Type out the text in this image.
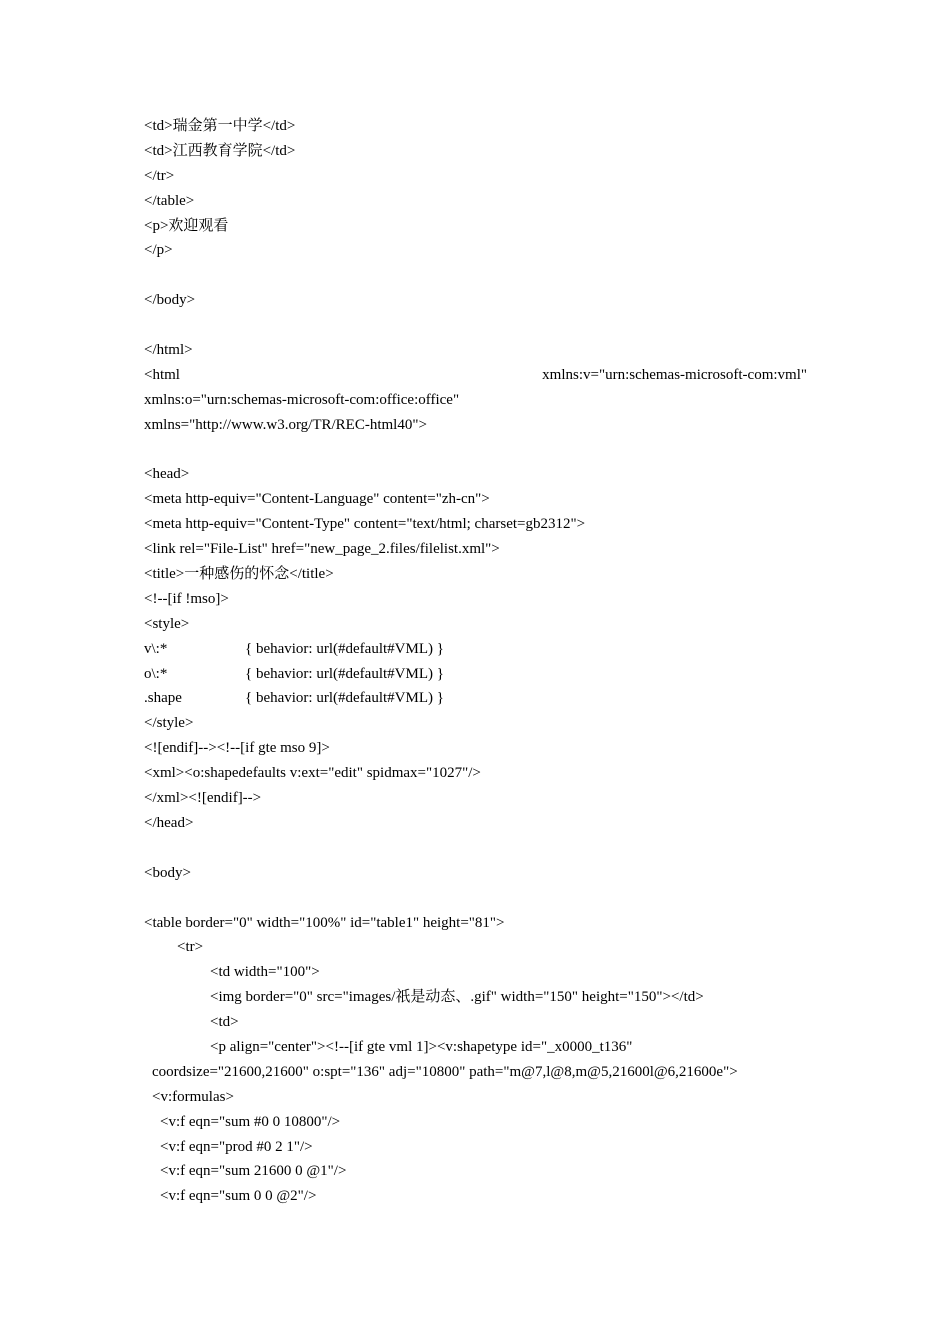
<td>瑞金第一中学</td>
<td>江西教育学院</td>
</tr>
</table>
<p>欢迎观看
</p>
</body>
</html>
<html	xmlns:v="urn:schemas-microsoft-com:vml"
xmlns:o="urn:schemas-microsoft-com:office:office"
xmlns="http://www.w3.org/TR/REC-html40">
<head>
<meta http-equiv="Content-Language" content="zh-cn">
<meta http-equiv="Content-Type" content="text/html; charset=gb2312">
<link rel="File-List" href="new_page_2.files/filelist.xml">
<title>一种感伤的怀念</title>
<!--[if !mso]>
<style>
v\:*	{ behavior: url(#default#VML) }
o\:*	{ behavior: url(#default#VML) }
.shape	{ behavior: url(#default#VML) }
</style>
<![endif]--><!--[if gte mso 9]>
<xml><o:shapedefaults v:ext="edit" spidmax="1027"/>
</xml><![endif]-->
</head>
<body>
<table border="0" width="100%" id="table1" height="81">
<tr>
<td width="100">
<img border="0" src="images/祇是动态、.gif" width="150" height="150"></td>
<td>
<p align="center"><!--[if gte vml 1]><v:shapetype id="_x0000_t136"
coordsize="21600,21600" o:spt="136" adj="10800" path="m@7,l@8,m@5,21600l@6,21600e">
<v:formulas>
<v:f eqn="sum #0 0 10800"/>
<v:f eqn="prod #0 2 1"/>
<v:f eqn="sum 21600 0 @1"/>
<v:f eqn="sum 0 0 @2"/>
